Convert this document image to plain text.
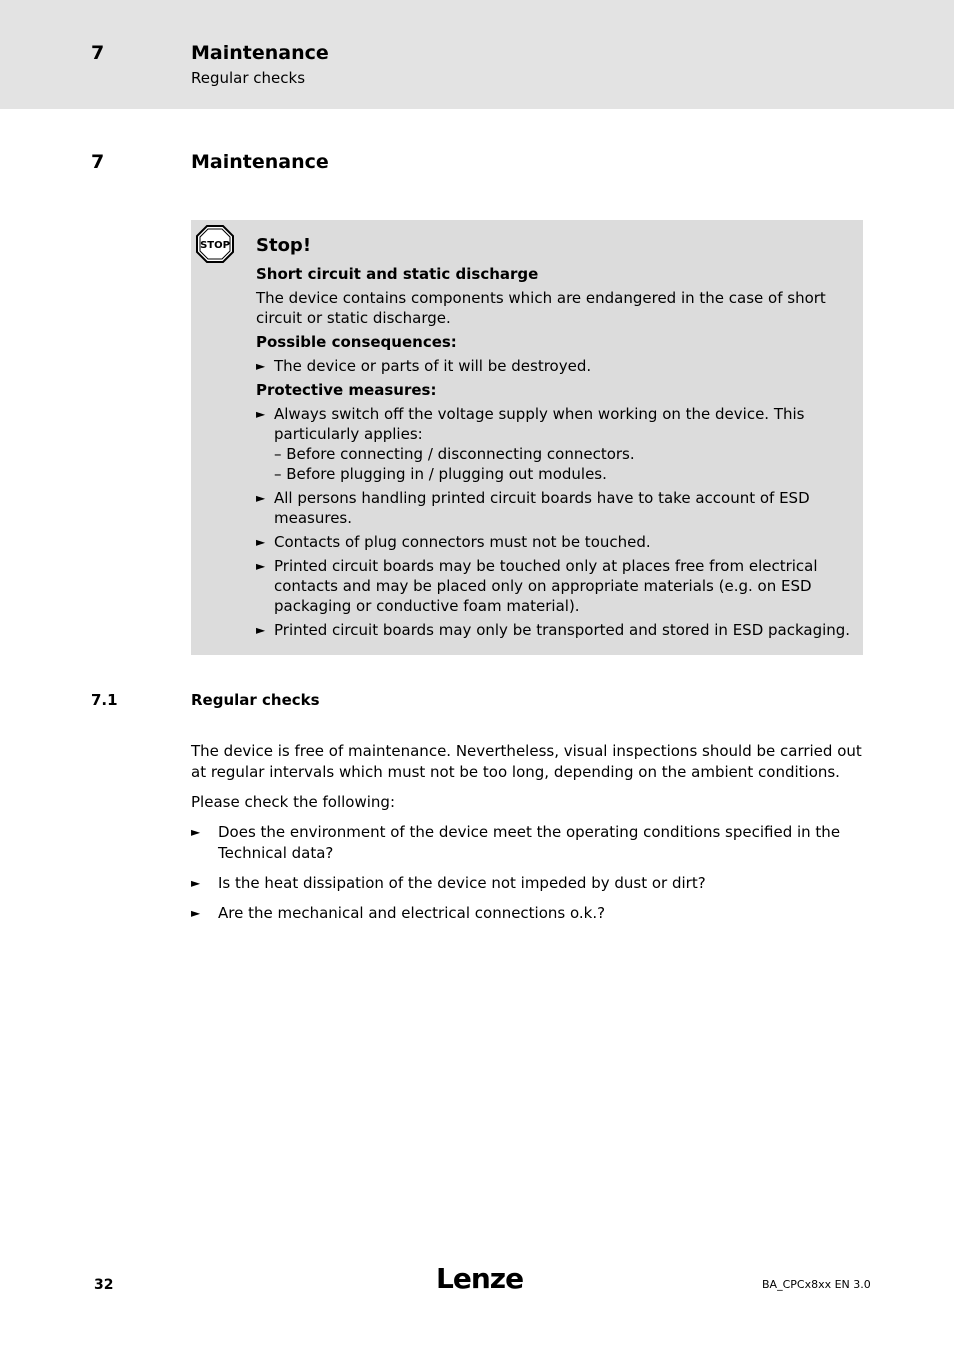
7	Maintenance
Regular checks
7	Maintenance
STOP Stop!
Short circuit and static discharge
The device contains components which are endangered in the case of short circuit or static discharge.
Possible consequences:
► The device or parts of it will be destroyed.
Protective measures:
► Always switch off the voltage supply when working on the device. This particularly applies:
– Before connecting / disconnecting connectors.
– Before plugging in / plugging out modules.
► All persons handling printed circuit boards have to take account of ESD measures.
► Contacts of plug connectors must not be touched.
► Printed circuit boards may be touched only at places free from electrical contacts and may be placed only on appropriate materials (e.g. on ESD packaging or conductive foam material).
► Printed circuit boards may only be transported and stored in ESD packaging.
7.1	Regular checks
The device is free of maintenance. Nevertheless, visual inspections should be carried out at regular intervals which must not be too long, depending on the ambient conditions.
Please check the following:
► Does the environment of the device meet the operating conditions specified in the Technical data?
► Is the heat dissipation of the device not impeded by dust or dirt?
► Are the mechanical and electrical connections o.k.?
32	Lenze	BA_CPCx8xx EN 3.0
